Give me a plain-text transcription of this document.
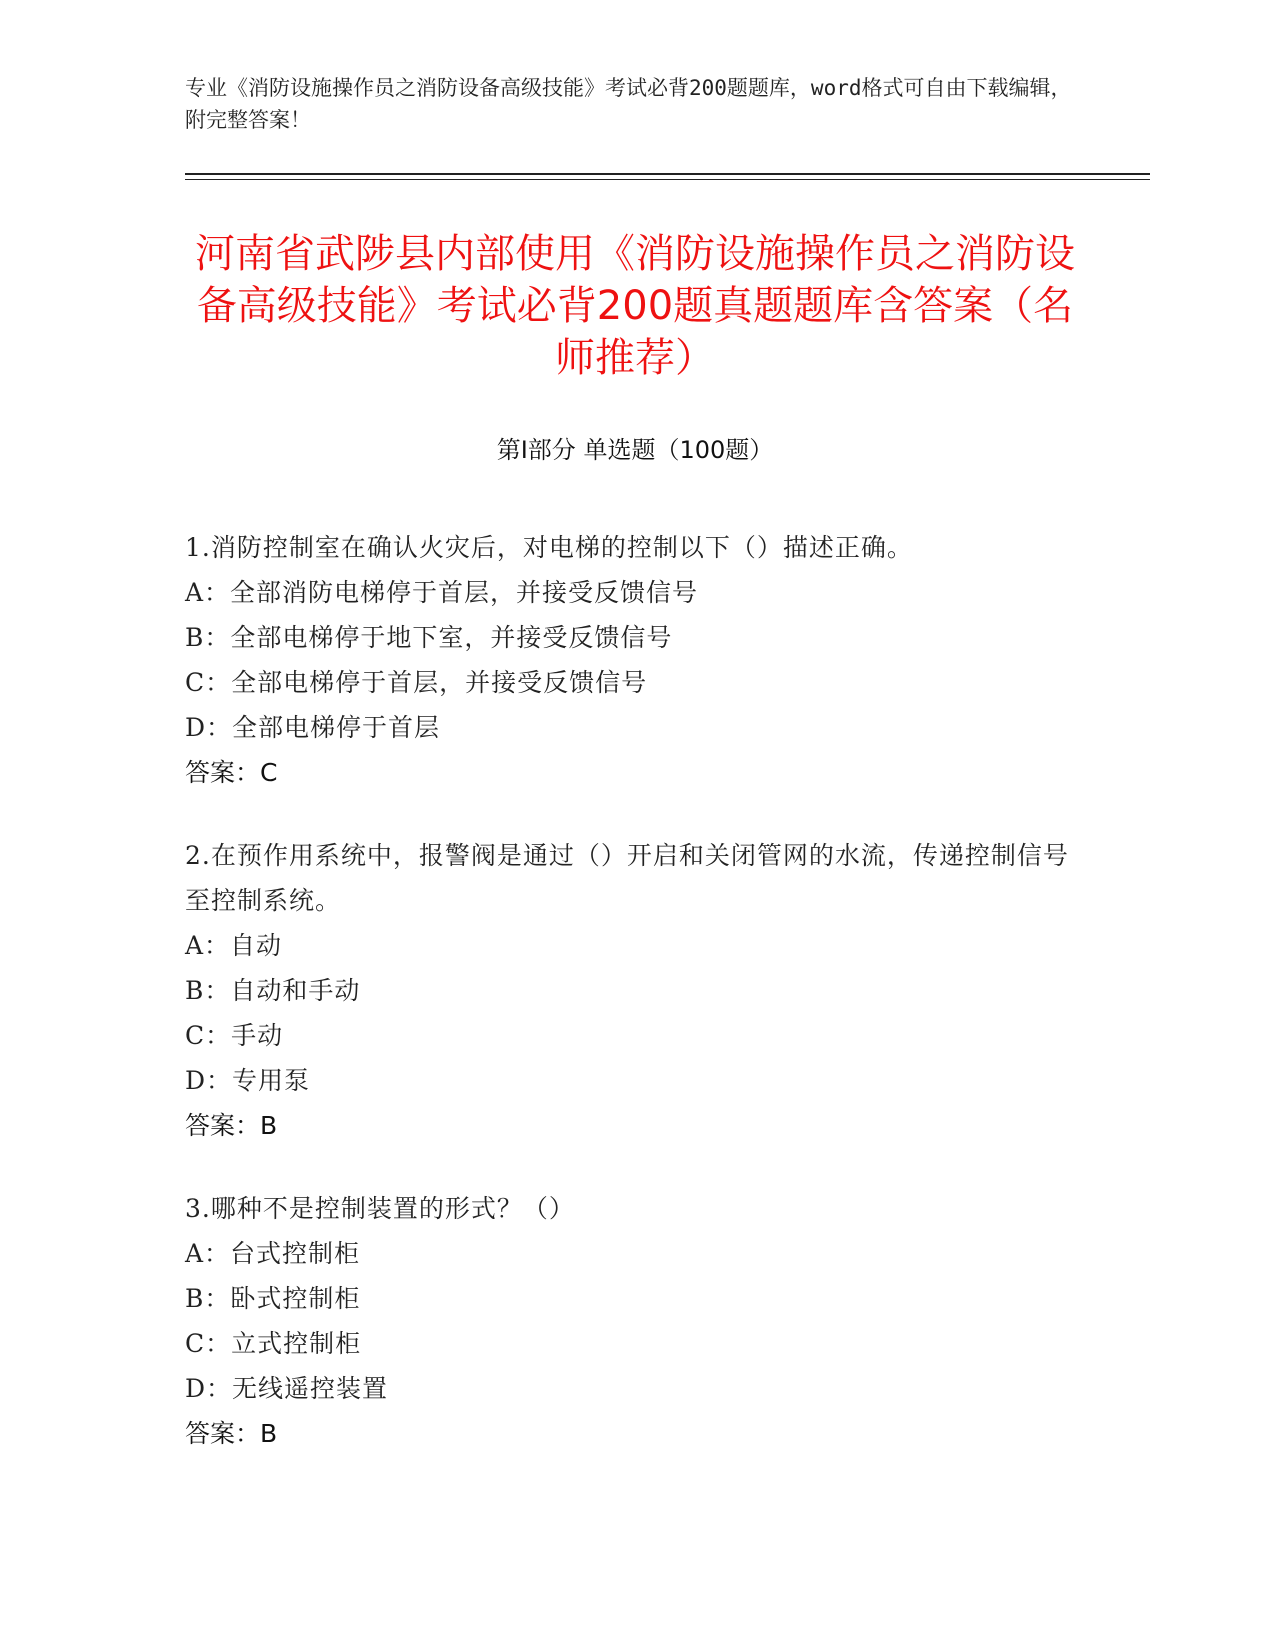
专业《消防设施操作员之消防设备高级技能》考试必背200题题库，word格式可自由下载编辑，附完整答案！
河南省武陟县内部使用《消防设施操作员之消防设备高级技能》考试必背200题真题题库含答案（名师推荐）
第Ⅰ部分 单选题（100题）
1.消防控制室在确认火灾后，对电梯的控制以下（）描述正确。
A：全部消防电梯停于首层，并接受反馈信号
B：全部电梯停于地下室，并接受反馈信号
C：全部电梯停于首层，并接受反馈信号
D：全部电梯停于首层
答案：C
2.在预作用系统中，报警阀是通过（）开启和关闭管网的水流，传递控制信号至控制系统。
A：自动
B：自动和手动
C：手动
D：专用泵
答案：B
3.哪种不是控制装置的形式？（）
A：台式控制柜
B：卧式控制柜
C：立式控制柜
D：无线遥控装置
答案：B
